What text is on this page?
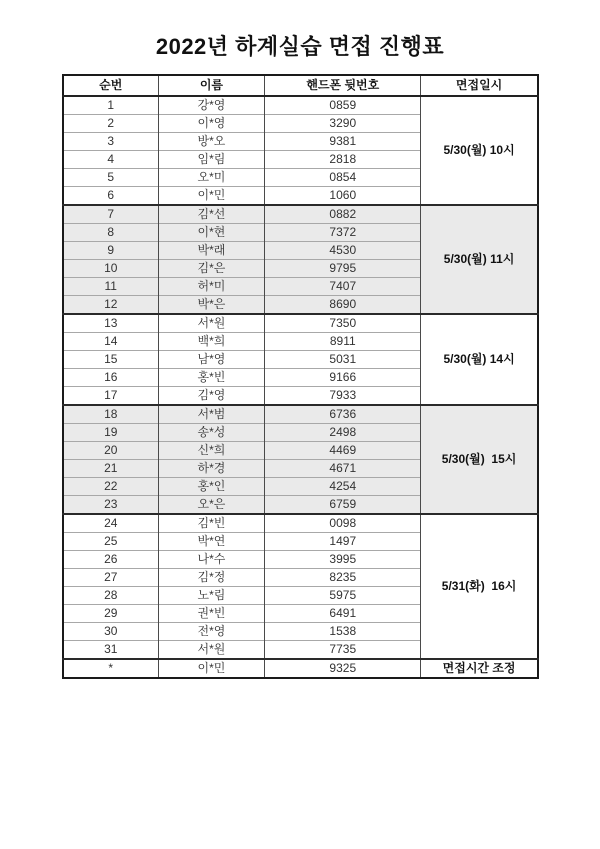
2022년 하계실습 면접 진행표
순번	이름	핸드폰 뒷번호	면접일시
1	강*영	0859	5/30(월) 10시
2	이*영	3290	
3	방*오	9381	
4	임*림	2818	
5	오*미	0854	
6	이*민	1060	
7	김*선	0882	5/30(월) 11시
8	이*현	7372	
9	박*래	4530	
10	김*은	9795	
11	허*미	7407	
12	박*은	8690	
13	서*원	7350	5/30(월) 14시
14	백*희	8911	
15	남*영	5031	
16	홍*빈	9166	
17	김*영	7933	
18	서*범	6736	5/30(월)  15시
19	송*성	2498	
20	신*희	4469	
21	하*경	4671	
22	홍*인	4254	
23	오*은	6759	
24	김*빈	0098	5/31(화)  16시
25	박*연	1497	
26	나*수	3995	
27	김*정	8235	
28	노*림	5975	
29	권*빈	6491	
30	전*영	1538	
31	서*원	7735	
*	이*민	9325	면접시간 조정
